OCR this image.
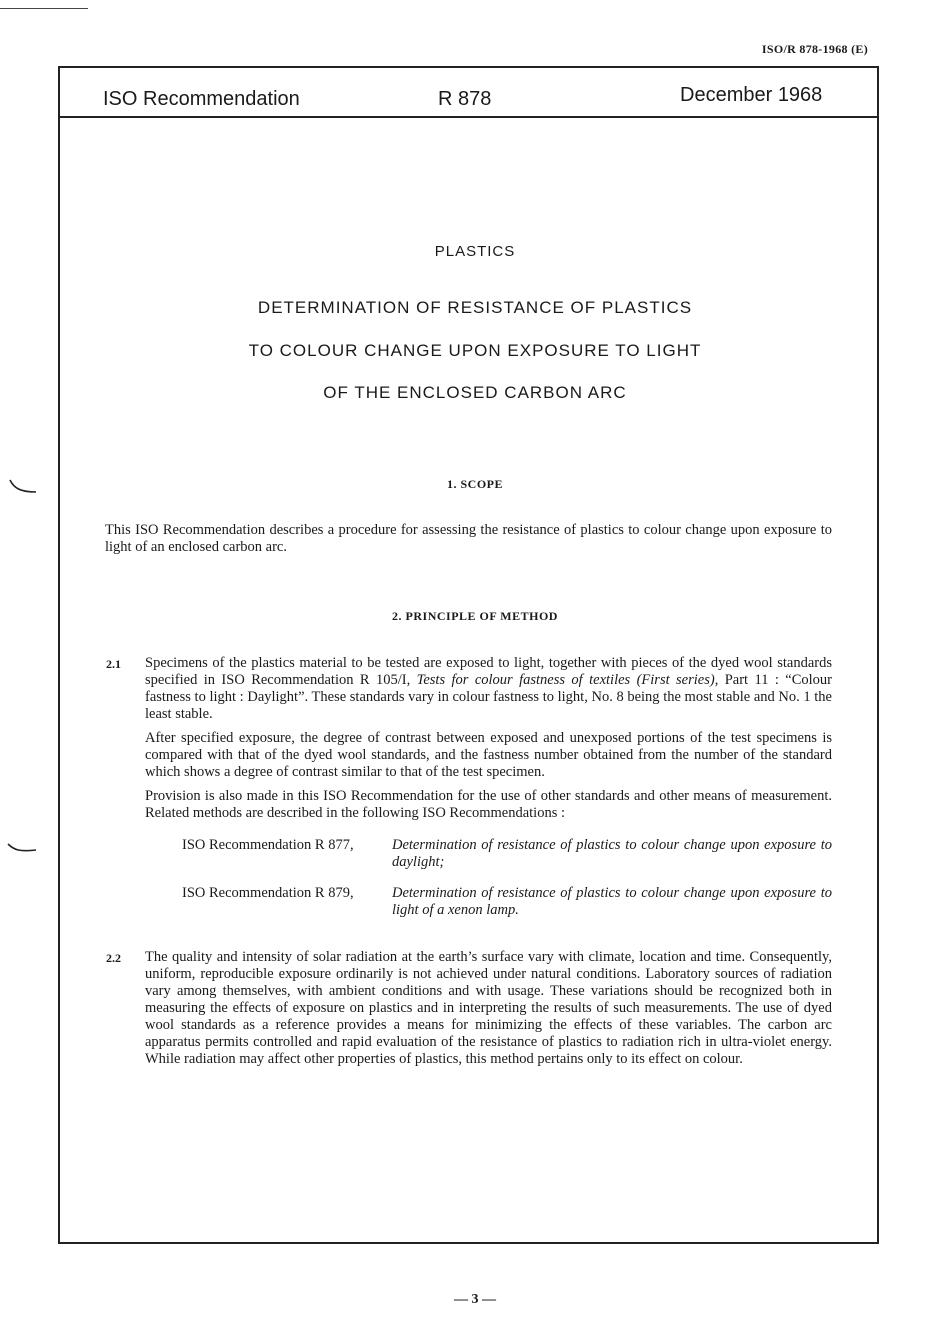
ISO/R 878-1968 (E)
ISO Recommendation	R 878	December 1968
PLASTICS
DETERMINATION OF RESISTANCE OF PLASTICS
TO COLOUR CHANGE UPON EXPOSURE TO LIGHT
OF THE ENCLOSED CARBON ARC
1. SCOPE
This ISO Recommendation describes a procedure for assessing the resistance of plastics to colour change upon exposure to light of an enclosed carbon arc.
2. PRINCIPLE OF METHOD
2.1 Specimens of the plastics material to be tested are exposed to light, together with pieces of the dyed wool standards specified in ISO Recommendation R 105/I, Tests for colour fastness of textiles (First series), Part 11 : “Colour fastness to light : Daylight”. These standards vary in colour fastness to light, No. 8 being the most stable and No. 1 the least stable.
After specified exposure, the degree of contrast between exposed and unexposed portions of the test specimens is compared with that of the dyed wool standards, and the fastness number obtained from the number of the standard which shows a degree of contrast similar to that of the test specimen.
Provision is also made in this ISO Recommendation for the use of other standards and other means of measurement. Related methods are described in the following ISO Recommendations :
ISO Recommendation R 877,	Determination of resistance of plastics to colour change upon exposure to daylight;
ISO Recommendation R 879,	Determination of resistance of plastics to colour change upon exposure to light of a xenon lamp.
2.2 The quality and intensity of solar radiation at the earth’s surface vary with climate, location and time. Consequently, uniform, reproducible exposure ordinarily is not achieved under natural conditions. Laboratory sources of radiation vary among themselves, with ambient conditions and with usage. These variations should be recognized both in measuring the effects of exposure on plastics and in interpreting the results of such measurements. The use of dyed wool standards as a reference provides a means for minimizing the effects of these variables. The carbon arc apparatus permits controlled and rapid evaluation of the resistance of plastics to radiation rich in ultra-violet energy. While radiation may affect other properties of plastics, this method pertains only to its effect on colour.
— 3 —
